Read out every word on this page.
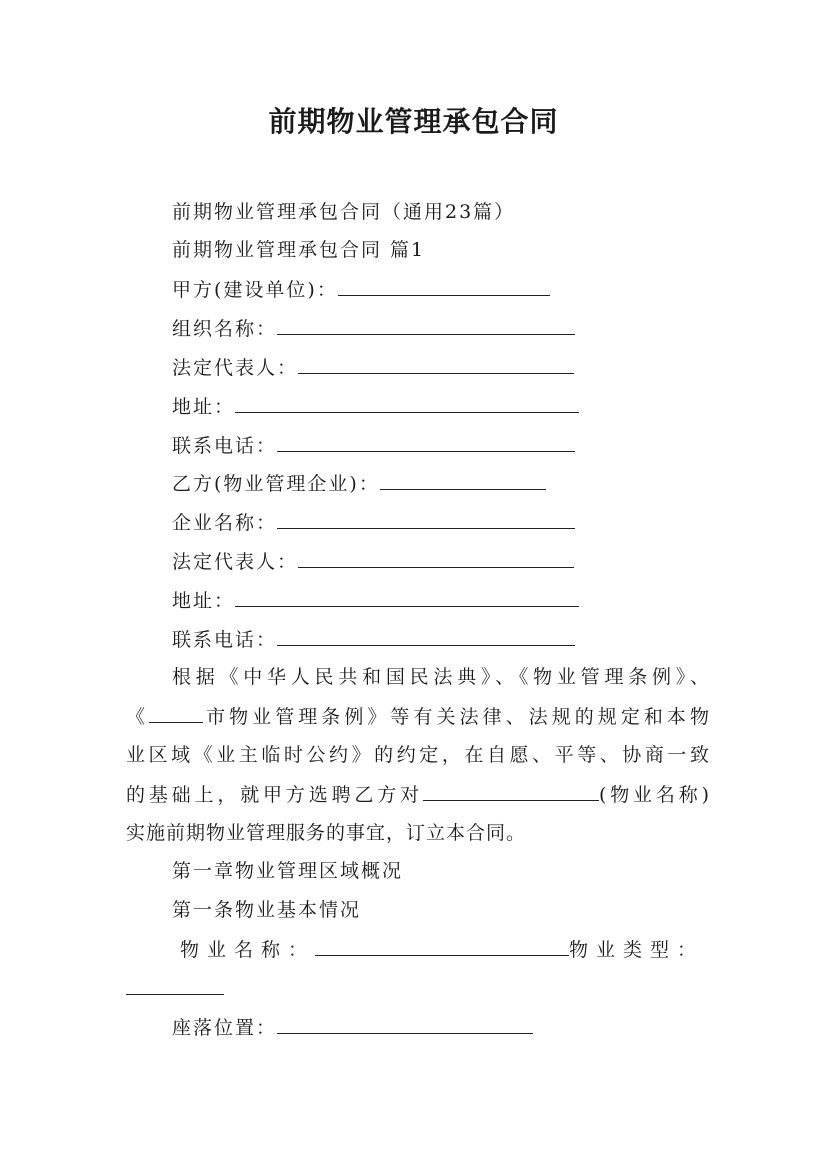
前期物业管理承包合同
前期物业管理承包合同（通用23篇）
前期物业管理承包合同 篇1
甲方(建设单位)：
组织名称：
法定代表人：
地址：
联系电话：
乙方(物业管理企业)：
企业名称：
法定代表人：
地址：
联系电话：
根据《中华人民共和国民法典》、《物业管理条例》、
《	市物业管理条例》等有关法律、法规的规定和本物
业区域《业主临时公约》的约定，在自愿、平等、协商一致
的基础上，就甲方选聘乙方对	(物业名称)
实施前期物业管理服务的事宜，订立本合同。
第一章物业管理区域概况
第一条物业基本情况
物业名称：	物业类型：
座落位置：
